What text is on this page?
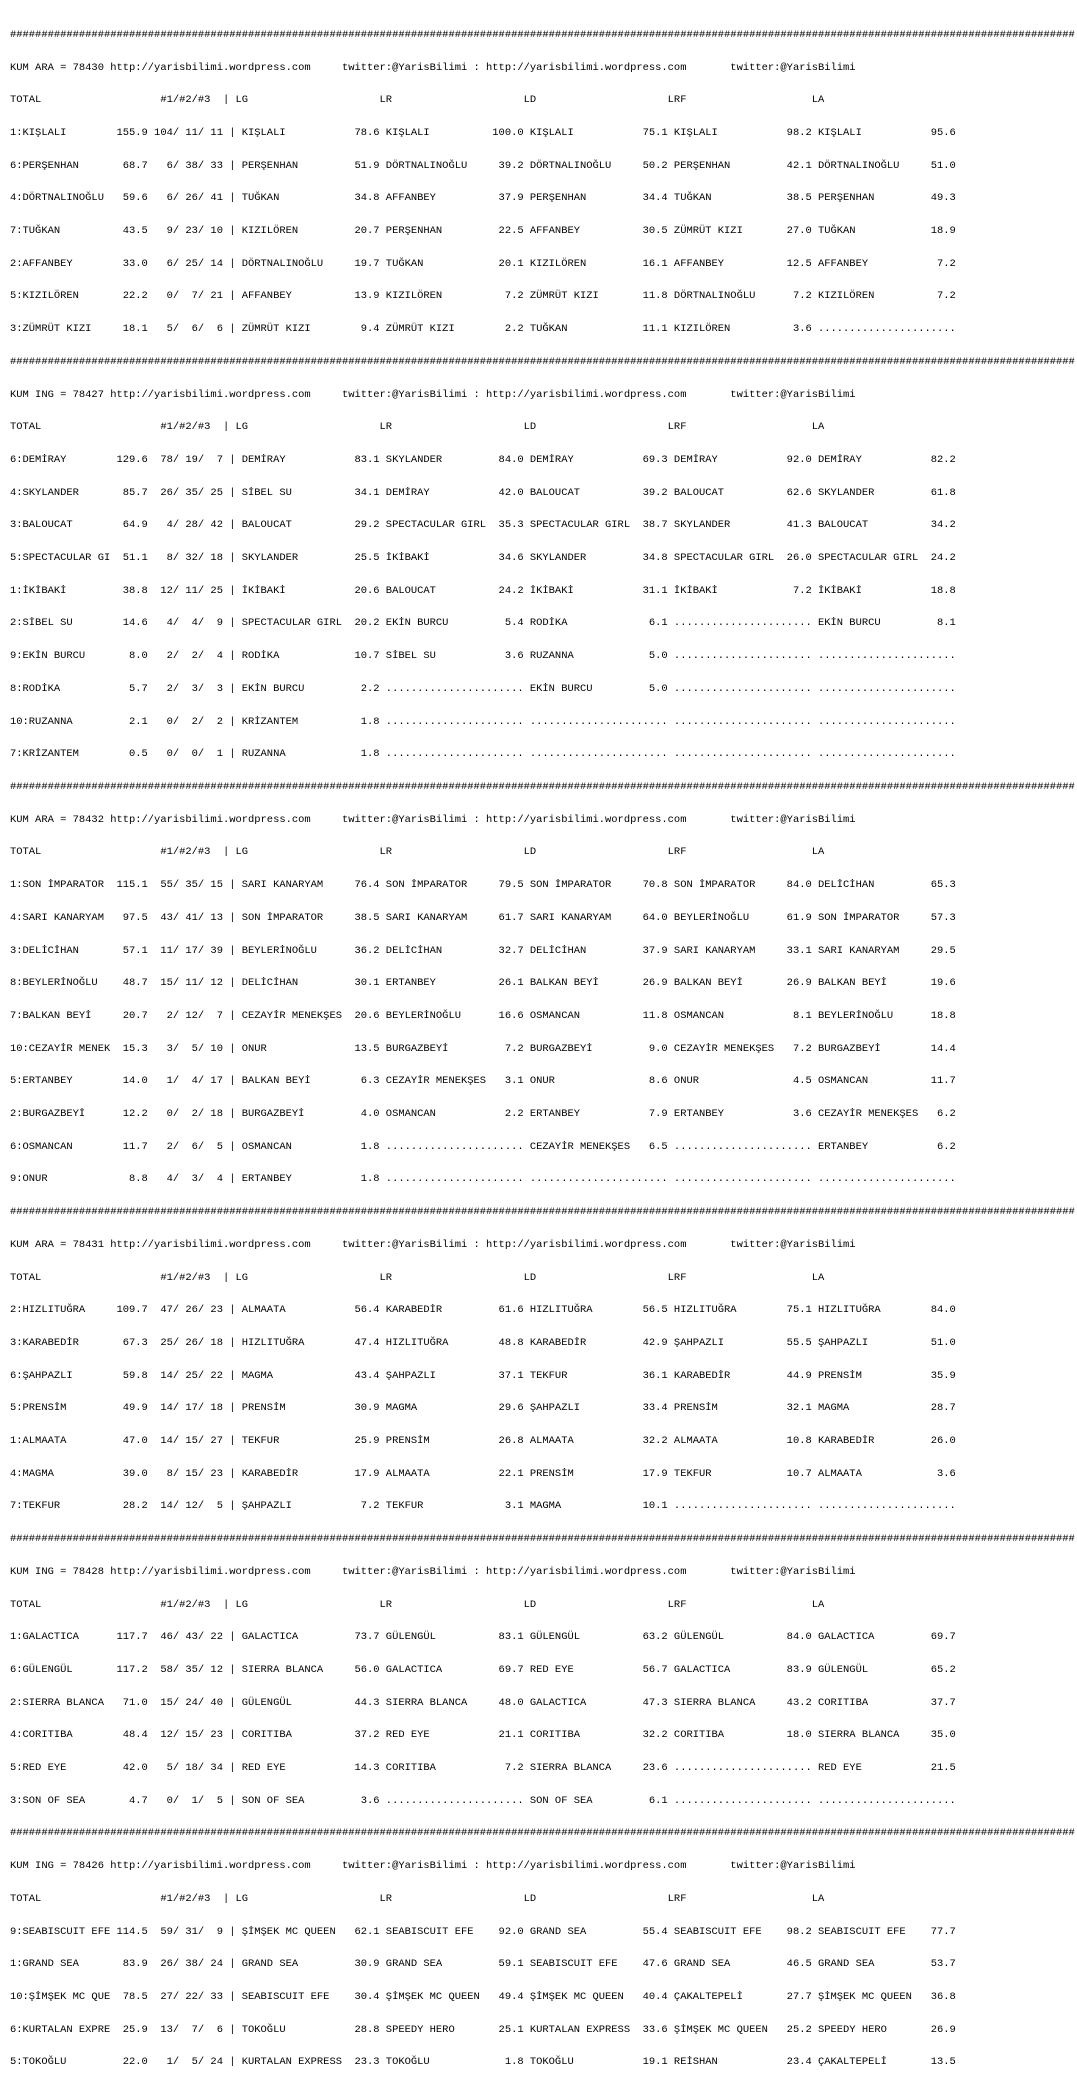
##########################################################################################################################################################################

KUM ARA = 78430 http://yarisbilimi.wordpress.com     twitter:@YarisBilimi : http://yarisbilimi.wordpress.com       twitter:@YarisBilimi

TOTAL                   #1/#2/#3  | LG                     LR                     LD                     LRF                    LA

1:KIŞLALI        155.9 104/ 11/ 11 | KIŞLALI           78.6 KIŞLALI          100.0 KIŞLALI           75.1 KIŞLALI           98.2 KIŞLALI           95.6

6:PERŞENHAN       68.7   6/ 38/ 33 | PERŞENHAN         51.9 DÖRTNALINOĞLU     39.2 DÖRTNALINOĞLU     50.2 PERŞENHAN         42.1 DÖRTNALINOĞLU     51.0

4:DÖRTNALINOĞLU   59.6   6/ 26/ 41 | TUĞKAN            34.8 AFFANBEY          37.9 PERŞENHAN         34.4 TUĞKAN            38.5 PERŞENHAN         49.3

7:TUĞKAN          43.5   9/ 23/ 10 | KIZILÖREN         20.7 PERŞENHAN         22.5 AFFANBEY          30.5 ZÜMRÜT KIZI       27.0 TUĞKAN            18.9

2:AFFANBEY        33.0   6/ 25/ 14 | DÖRTNALINOĞLU     19.7 TUĞKAN            20.1 KIZILÖREN         16.1 AFFANBEY          12.5 AFFANBEY           7.2

5:KIZILÖREN       22.2   0/  7/ 21 | AFFANBEY          13.9 KIZILÖREN          7.2 ZÜMRÜT KIZI       11.8 DÖRTNALINOĞLU      7.2 KIZILÖREN          7.2

3:ZÜMRÜT KIZI     18.1   5/  6/  6 | ZÜMRÜT KIZI        9.4 ZÜMRÜT KIZI        2.2 TUĞKAN            11.1 KIZILÖREN          3.6 ......................

##########################################################################################################################################################################

KUM ING = 78427 http://yarisbilimi.wordpress.com     twitter:@YarisBilimi : http://yarisbilimi.wordpress.com       twitter:@YarisBilimi

TOTAL                   #1/#2/#3  | LG                     LR                     LD                     LRF                    LA

6:DEMİRAY        129.6  78/ 19/  7 | DEMİRAY           83.1 SKYLANDER         84.0 DEMİRAY           69.3 DEMİRAY           92.0 DEMİRAY           82.2

4:SKYLANDER       85.7  26/ 35/ 25 | SİBEL SU          34.1 DEMİRAY           42.0 BALOUCAT          39.2 BALOUCAT          62.6 SKYLANDER         61.8

3:BALOUCAT        64.9   4/ 28/ 42 | BALOUCAT          29.2 SPECTACULAR GIRL  35.3 SPECTACULAR GIRL  38.7 SKYLANDER         41.3 BALOUCAT          34.2

5:SPECTACULAR GI  51.1   8/ 32/ 18 | SKYLANDER         25.5 İKİBAKİ           34.6 SKYLANDER         34.8 SPECTACULAR GIRL  26.0 SPECTACULAR GIRL  24.2

1:İKİBAKİ         38.8  12/ 11/ 25 | İKİBAKİ           20.6 BALOUCAT          24.2 İKİBAKİ           31.1 İKİBAKİ            7.2 İKİBAKİ           18.8

2:SİBEL SU        14.6   4/  4/  9 | SPECTACULAR GIRL  20.2 EKİN BURCU         5.4 RODİKA             6.1 ...................... EKİN BURCU         8.1

9:EKİN BURCU       8.0   2/  2/  4 | RODİKA            10.7 SİBEL SU           3.6 RUZANNA            5.0 ...................... ......................

8:RODİKA           5.7   2/  3/  3 | EKİN BURCU         2.2 ...................... EKİN BURCU         5.0 ...................... ......................

10:RUZANNA         2.1   0/  2/  2 | KRİZANTEM          1.8 ...................... ...................... ...................... ......................

7:KRİZANTEM        0.5   0/  0/  1 | RUZANNA            1.8 ...................... ...................... ...................... ......................

##########################################################################################################################################################################

KUM ARA = 78432 http://yarisbilimi.wordpress.com     twitter:@YarisBilimi : http://yarisbilimi.wordpress.com       twitter:@YarisBilimi

TOTAL                   #1/#2/#3  | LG                     LR                     LD                     LRF                    LA

1:SON İMPARATOR  115.1  55/ 35/ 15 | SARI KANARYAM     76.4 SON İMPARATOR     79.5 SON İMPARATOR     70.8 SON İMPARATOR     84.0 DELİCİHAN         65.3

4:SARI KANARYAM   97.5  43/ 41/ 13 | SON İMPARATOR     38.5 SARI KANARYAM     61.7 SARI KANARYAM     64.0 BEYLERİNOĞLU      61.9 SON İMPARATOR     57.3

3:DELİCİHAN       57.1  11/ 17/ 39 | BEYLERİNOĞLU      36.2 DELİCİHAN         32.7 DELİCİHAN         37.9 SARI KANARYAM     33.1 SARI KANARYAM     29.5

8:BEYLERİNOĞLU    48.7  15/ 11/ 12 | DELİCİHAN         30.1 ERTANBEY          26.1 BALKAN BEYİ       26.9 BALKAN BEYİ       26.9 BALKAN BEYİ       19.6

7:BALKAN BEYİ     20.7   2/ 12/  7 | CEZAYİR MENEKŞES  20.6 BEYLERİNOĞLU      16.6 OSMANCAN          11.8 OSMANCAN           8.1 BEYLERİNOĞLU      18.8

10:CEZAYİR MENEK  15.3   3/  5/ 10 | ONUR              13.5 BURGAZBEYİ         7.2 BURGAZBEYİ         9.0 CEZAYİR MENEKŞES   7.2 BURGAZBEYİ        14.4

5:ERTANBEY        14.0   1/  4/ 17 | BALKAN BEYİ        6.3 CEZAYİR MENEKŞES   3.1 ONUR               8.6 ONUR               4.5 OSMANCAN          11.7

2:BURGAZBEYİ      12.2   0/  2/ 18 | BURGAZBEYİ         4.0 OSMANCAN           2.2 ERTANBEY           7.9 ERTANBEY           3.6 CEZAYİR MENEKŞES   6.2

6:OSMANCAN        11.7   2/  6/  5 | OSMANCAN           1.8 ...................... CEZAYİR MENEKŞES   6.5 ...................... ERTANBEY           6.2

9:ONUR             8.8   4/  3/  4 | ERTANBEY           1.8 ...................... ...................... ...................... ......................

##########################################################################################################################################################################

KUM ARA = 78431 http://yarisbilimi.wordpress.com     twitter:@YarisBilimi : http://yarisbilimi.wordpress.com       twitter:@YarisBilimi

TOTAL                   #1/#2/#3  | LG                     LR                     LD                     LRF                    LA

2:HIZLITUĞRA     109.7  47/ 26/ 23 | ALMAATA           56.4 KARABEDİR         61.6 HIZLITUĞRA        56.5 HIZLITUĞRA        75.1 HIZLITUĞRA        84.0

3:KARABEDİR       67.3  25/ 26/ 18 | HIZLITUĞRA        47.4 HIZLITUĞRA        48.8 KARABEDİR         42.9 ŞAHPAZLI          55.5 ŞAHPAZLI          51.0

6:ŞAHPAZLI        59.8  14/ 25/ 22 | MAGMA             43.4 ŞAHPAZLI          37.1 TEKFUR            36.1 KARABEDİR         44.9 PRENSİM           35.9

5:PRENSİM         49.9  14/ 17/ 18 | PRENSİM           30.9 MAGMA             29.6 ŞAHPAZLI          33.4 PRENSİM           32.1 MAGMA             28.7

1:ALMAATA         47.0  14/ 15/ 27 | TEKFUR            25.9 PRENSİM           26.8 ALMAATA           32.2 ALMAATA           10.8 KARABEDİR         26.0

4:MAGMA           39.0   8/ 15/ 23 | KARABEDİR         17.9 ALMAATA           22.1 PRENSİM           17.9 TEKFUR            10.7 ALMAATA            3.6

7:TEKFUR          28.2  14/ 12/  5 | ŞAHPAZLI           7.2 TEKFUR             3.1 MAGMA             10.1 ...................... ......................

##########################################################################################################################################################################

KUM ING = 78428 http://yarisbilimi.wordpress.com     twitter:@YarisBilimi : http://yarisbilimi.wordpress.com       twitter:@YarisBilimi

TOTAL                   #1/#2/#3  | LG                     LR                     LD                     LRF                    LA

1:GALACTICA      117.7  46/ 43/ 22 | GALACTICA         73.7 GÜLENGÜL          83.1 GÜLENGÜL          63.2 GÜLENGÜL          84.0 GALACTICA         69.7

6:GÜLENGÜL       117.2  58/ 35/ 12 | SIERRA BLANCA     56.0 GALACTICA         69.7 RED EYE           56.7 GALACTICA         83.9 GÜLENGÜL          65.2

2:SIERRA BLANCA   71.0  15/ 24/ 40 | GÜLENGÜL          44.3 SIERRA BLANCA     48.0 GALACTICA         47.3 SIERRA BLANCA     43.2 CORITIBA          37.7

4:CORITIBA        48.4  12/ 15/ 23 | CORITIBA          37.2 RED EYE           21.1 CORITIBA          32.2 CORITIBA          18.0 SIERRA BLANCA     35.0

5:RED EYE         42.0   5/ 18/ 34 | RED EYE           14.3 CORITIBA           7.2 SIERRA BLANCA     23.6 ...................... RED EYE           21.5

3:SON OF SEA       4.7   0/  1/  5 | SON OF SEA         3.6 ...................... SON OF SEA         6.1 ...................... ......................

##########################################################################################################################################################################

KUM ING = 78426 http://yarisbilimi.wordpress.com     twitter:@YarisBilimi : http://yarisbilimi.wordpress.com       twitter:@YarisBilimi

TOTAL                   #1/#2/#3  | LG                     LR                     LD                     LRF                    LA

9:SEABISCUIT EFE 114.5  59/ 31/  9 | ŞİMŞEK MC QUEEN   62.1 SEABISCUIT EFE    92.0 GRAND SEA         55.4 SEABISCUIT EFE    98.2 SEABISCUIT EFE    77.7

1:GRAND SEA       83.9  26/ 38/ 24 | GRAND SEA         30.9 GRAND SEA         59.1 SEABISCUIT EFE    47.6 GRAND SEA         46.5 GRAND SEA         53.7

10:ŞİMŞEK MC QUE  78.5  27/ 22/ 33 | SEABISCUIT EFE    30.4 ŞİMŞEK MC QUEEN   49.4 ŞİMŞEK MC QUEEN   40.4 ÇAKALTEPELİ       27.7 ŞİMŞEK MC QUEEN   36.8

6:KURTALAN EXPRE  25.9  13/  7/  6 | TOKOĞLU           28.8 SPEEDY HERO       25.1 KURTALAN EXPRESS  33.6 ŞİMŞEK MC QUEEN   25.2 SPEEDY HERO       26.9

5:TOKOĞLU         22.0   1/  5/ 24 | KURTALAN EXPRESS  23.3 TOKOĞLU            1.8 TOKOĞLU           19.1 REİSHAN           23.4 ÇAKALTEPELİ       13.5
